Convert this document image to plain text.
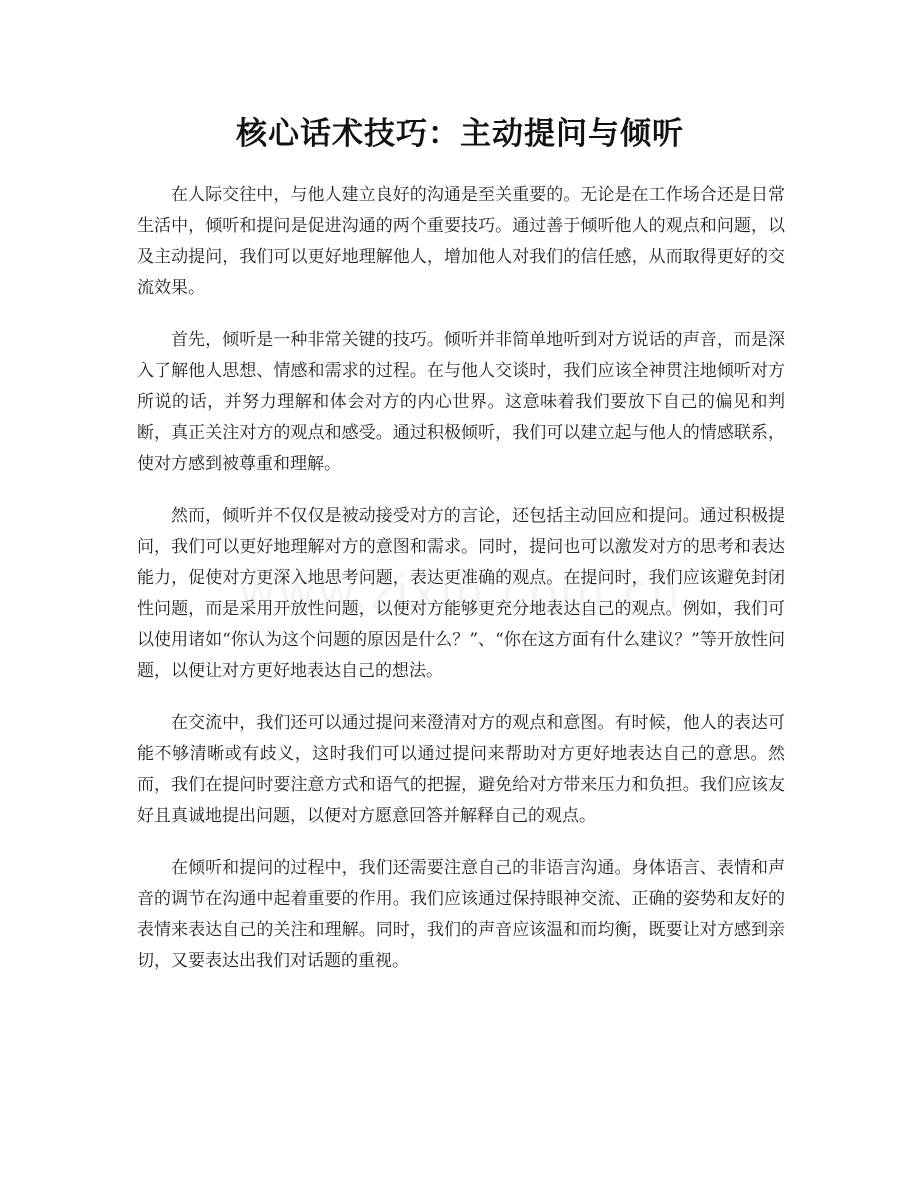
核心话术技巧：主动提问与倾听

在人际交往中，与他人建立良好的沟通是至关重要的。无论是在工作场合还是日常生活中，倾听和提问是促进沟通的两个重要技巧。通过善于倾听他人的观点和问题，以及主动提问，我们可以更好地理解他人，增加他人对我们的信任感，从而取得更好的交流效果。

首先，倾听是一种非常关键的技巧。倾听并非简单地听到对方说话的声音，而是深入了解他人思想、情感和需求的过程。在与他人交谈时，我们应该全神贯注地倾听对方所说的话，并努力理解和体会对方的内心世界。这意味着我们要放下自己的偏见和判断，真正关注对方的观点和感受。通过积极倾听，我们可以建立起与他人的情感联系，使对方感到被尊重和理解。

然而，倾听并不仅仅是被动接受对方的言论，还包括主动回应和提问。通过积极提问，我们可以更好地理解对方的意图和需求。同时，提问也可以激发对方的思考和表达能力，促使对方更深入地思考问题，表达更准确的观点。在提问时，我们应该避免封闭性问题，而是采用开放性问题，以便对方能够更充分地表达自己的观点。例如，我们可以使用诸如“你认为这个问题的原因是什么？”、“你在这方面有什么建议？”等开放性问题，以便让对方更好地表达自己的想法。

在交流中，我们还可以通过提问来澄清对方的观点和意图。有时候，他人的表达可能不够清晰或有歧义，这时我们可以通过提问来帮助对方更好地表达自己的意思。然而，我们在提问时要注意方式和语气的把握，避免给对方带来压力和负担。我们应该友好且真诚地提出问题，以便对方愿意回答并解释自己的观点。

在倾听和提问的过程中，我们还需要注意自己的非语言沟通。身体语言、表情和声音的调节在沟通中起着重要的作用。我们应该通过保持眼神交流、正确的姿势和友好的表情来表达自己的关注和理解。同时，我们的声音应该温和而均衡，既要让对方感到亲切，又要表达出我们对话题的重视。
